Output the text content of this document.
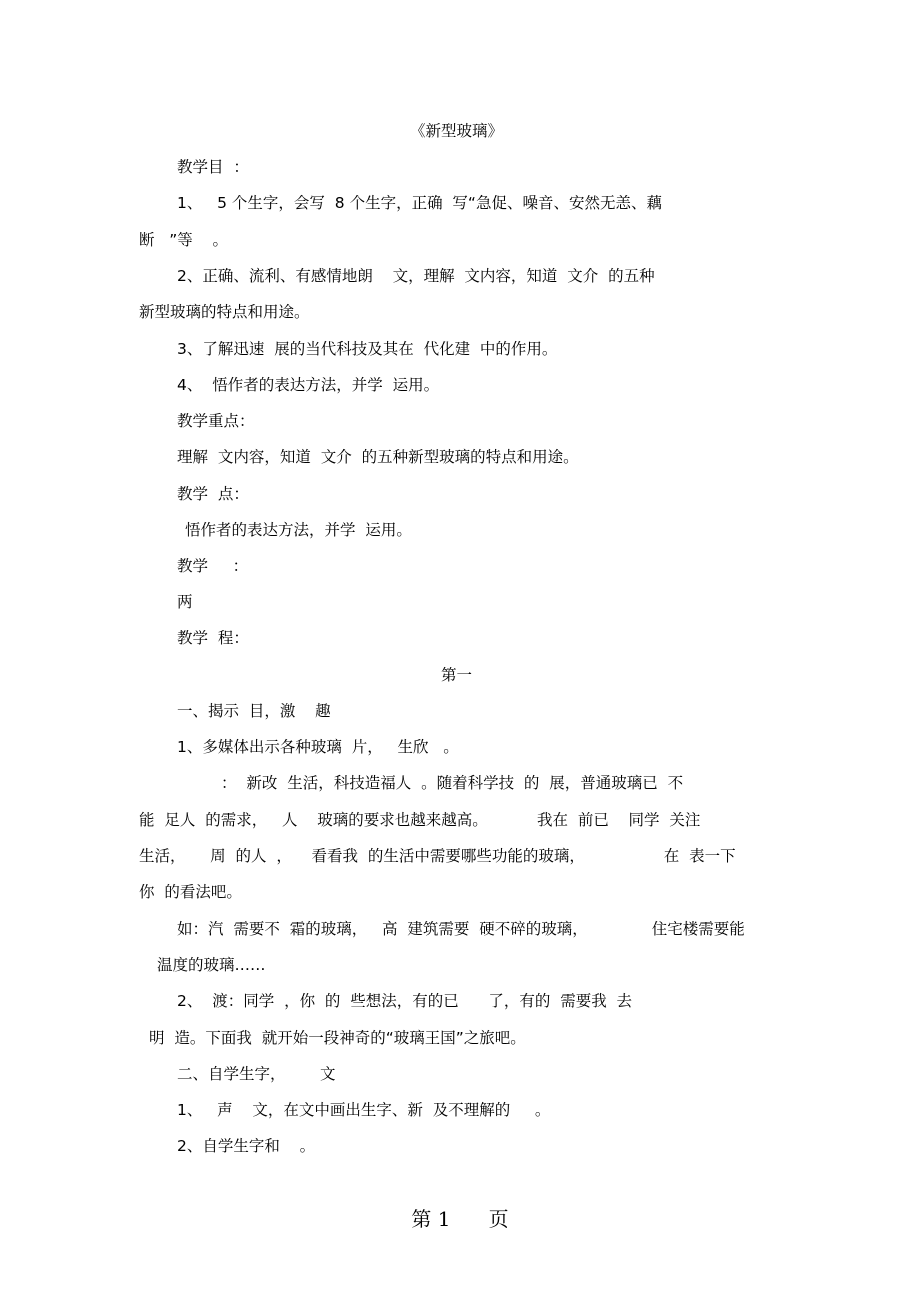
《新型玻璃》
教学目  ：
1、   5 个生字，会写  8 个生字，正确  写“急促、噪音、安然无恙、藕
断   ”等    。
2、正确、流利、有感情地朗    文，理解  文内容，知道  文介  的五种
新型玻璃的特点和用途。
3、了解迅速  展的当代科技及其在  代化建  中的作用。
4、  悟作者的表达方法，并学  运用。
教学重点：
理解  文内容，知道  文介  的五种新型玻璃的特点和用途。
教学  点：
悟作者的表达方法，并学  运用。
教学     ：
两
教学  程：
第一
一、揭示  目，激    趣
1、多媒体出示各种玻璃  片，   生欣   。
：  新改  生活，科技造福人  。随着科学技  的  展，普通玻璃已  不
能  足人  的需求，   人    玻璃的要求也越来越高。          我在  前已    同学  关注
生活，     周  的人  ，    看看我  的生活中需要哪些功能的玻璃，                在  表一下
你  的看法吧。
如：汽  需要不  霜的玻璃，   高  建筑需要  硬不碎的玻璃，             住宅楼需要能
温度的玻璃……
2、  渡：同学  ，你  的  些想法，有的已      了，有的  需要我  去
明  造。下面我  就开始一段神奇的“玻璃王国”之旅吧。
二、自学生字，       文
1、   声    文，在文中画出生字、新  及不理解的     。
2、自学生字和    。
第 1      页
